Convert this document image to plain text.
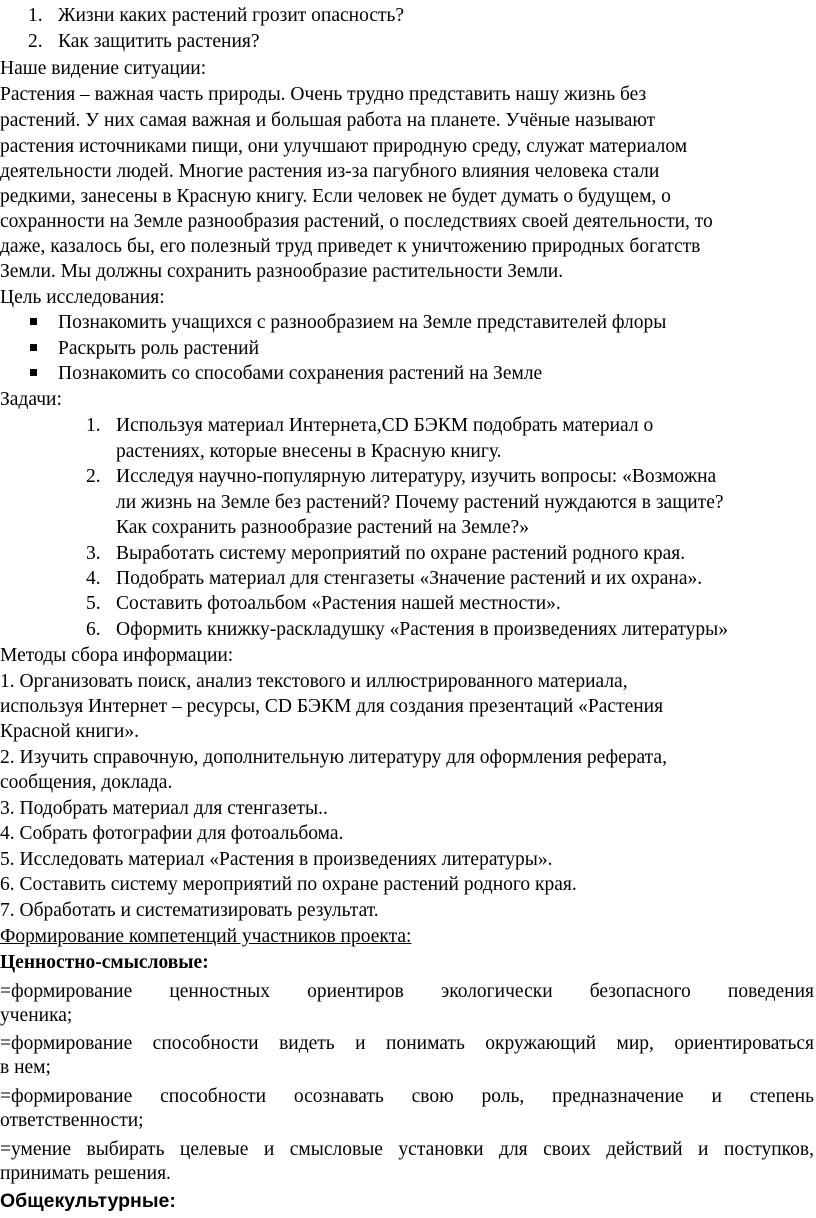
1. Жизни каких растений грозит опасность?
2. Как защитить растения?
Наше видение ситуации:
Растения – важная часть природы. Очень трудно представить нашу жизнь без
растений. У них самая важная и большая работа на планете. Учёные называют
растения источниками пищи, они улучшают природную среду, служат материалом
деятельности людей. Многие растения из-за пагубного влияния человека стали
редкими, занесены в Красную книгу. Если человек не будет думать о будущем, о
сохранности на Земле разнообразия растений, о последствиях своей деятельности, то
даже, казалось бы, его полезный труд приведет к уничтожению природных богатств
Земли. Мы должны сохранить разнообразие растительности Земли.
Цель исследования:
Познакомить учащихся с разнообразием на Земле представителей флоры
Раскрыть роль растений
Познакомить со способами сохранения растений на Земле
Задачи:
1. Используя материал Интернета,CD БЭКМ подобрать материал о
растениях, которые внесены в Красную книгу.
2. Исследуя научно-популярную литературу, изучить вопросы: «Возможна
ли жизнь на Земле без растений? Почему растений нуждаются в защите?
Как сохранить разнообразие растений на Земле?»
3. Выработать систему мероприятий по охране растений родного края.
4. Подобрать материал для стенгазеты «Значение растений и их охрана».
5. Составить фотоальбом «Растения нашей местности».
6. Оформить книжку-раскладушку «Растения в произведениях литературы»
Методы сбора информации:
1. Организовать поиск, анализ текстового и иллюстрированного материала,
используя Интернет – ресурсы, CD БЭКМ для создания презентаций «Растения
Красной книги».
2. Изучить справочную, дополнительную литературу для оформления реферата,
сообщения, доклада.
3. Подобрать материал для стенгазеты..
4. Собрать фотографии для фотоальбома.
5. Исследовать материал «Растения в произведениях литературы».
6. Составить систему мероприятий по охране растений родного края.
7. Обработать и систематизировать результат.
Формирование компетенций участников проекта:
Ценностно-смысловые:
=формирование ценностных ориентиров экологически безопасного поведения
ученика;
=формирование способности видеть и понимать окружающий мир, ориентироваться
в нем;
=формирование способности осознавать свою роль, предназначение и степень
ответственности;
=умение выбирать целевые и смысловые установки для своих действий и поступков,
принимать решения.
Общекультурные:
